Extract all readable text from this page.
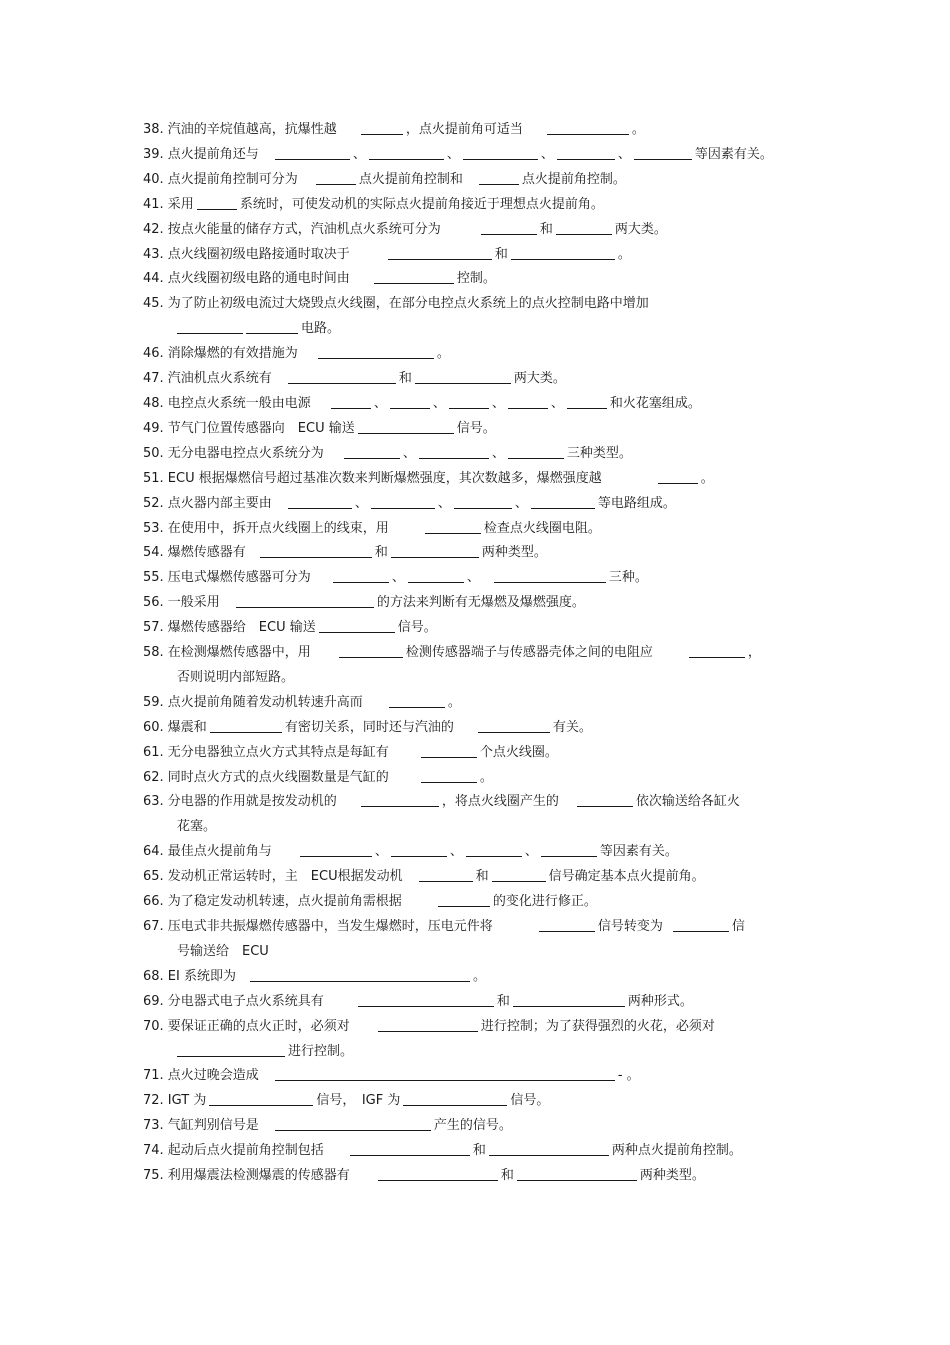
38. 汽油的辛烷值越高，抗爆性越	，点火提前角可适当	。
39. 点火提前角还与	、	、	、	、	等因素有关。
40. 点火提前角控制可分为	点火提前角控制和	点火提前角控制。
41. 采用	系统时，可使发动机的实际点火提前角接近于理想点火提前角。
42. 按点火能量的储存方式，汽油机点火系统可分为	和	两大类。
43. 点火线圈初级电路接通时取决于	和	。
44. 点火线圈初级电路的通电时间由	控制。
45. 为了防止初级电流过大烧毁点火线圈，在部分电控点火系统上的点火控制电路中增加
电路。
46. 消除爆燃的有效措施为	。
47. 汽油机点火系统有	和	两大类。
48. 电控点火系统一般由电源	、	、	、	、	和火花塞组成。
49. 节气门位置传感器向　ECU 输送	信号。
50. 无分电器电控点火系统分为	、	、	三种类型。
51. ECU 根据爆燃信号超过基准次数来判断爆燃强度，其次数越多，爆燃强度越	。
52. 点火器内部主要由	、	、	、	等电路组成。
53. 在使用中，拆开点火线圈上的线束，用	检查点火线圈电阻。
54. 爆燃传感器有	和	两种类型。
55. 压电式爆燃传感器可分为	、	、	三种。
56. 一般采用	的方法来判断有无爆燃及爆燃强度。
57. 爆燃传感器给　ECU 输送	信号。
58. 在检测爆燃传感器中，用	检测传感器端子与传感器壳体之间的电阻应	，
否则说明内部短路。
59. 点火提前角随着发动机转速升高而	。
60. 爆震和	有密切关系，同时还与汽油的	有关。
61. 无分电器独立点火方式其特点是每缸有	个点火线圈。
62. 同时点火方式的点火线圈数量是气缸的	。
63. 分电器的作用就是按发动机的	，将点火线圈产生的	依次输送给各缸火
花塞。
64. 最佳点火提前角与	、	、	、	等因素有关。
65. 发动机正常运转时，主　ECU根据发动机	和	信号确定基本点火提前角。
66. 为了稳定发动机转速，点火提前角需根据	的变化进行修正。
67. 压电式非共振爆燃传感器中，当发生爆燃时，压电元件将	信号转变为	信
号输送给　ECU
68. EI 系统即为	。
69. 分电器式电子点火系统具有	和	两种形式。
70. 要保证正确的点火正时，必须对	进行控制；为了获得强烈的火花，必须对
进行控制。
71. 点火过晚会造成	- 。
72. IGT 为	信号，　IGF 为	信号。
73. 气缸判别信号是	产生的信号。
74. 起动后点火提前角控制包括	和	两种点火提前角控制。
75. 利用爆震法检测爆震的传感器有	和	两种类型。
